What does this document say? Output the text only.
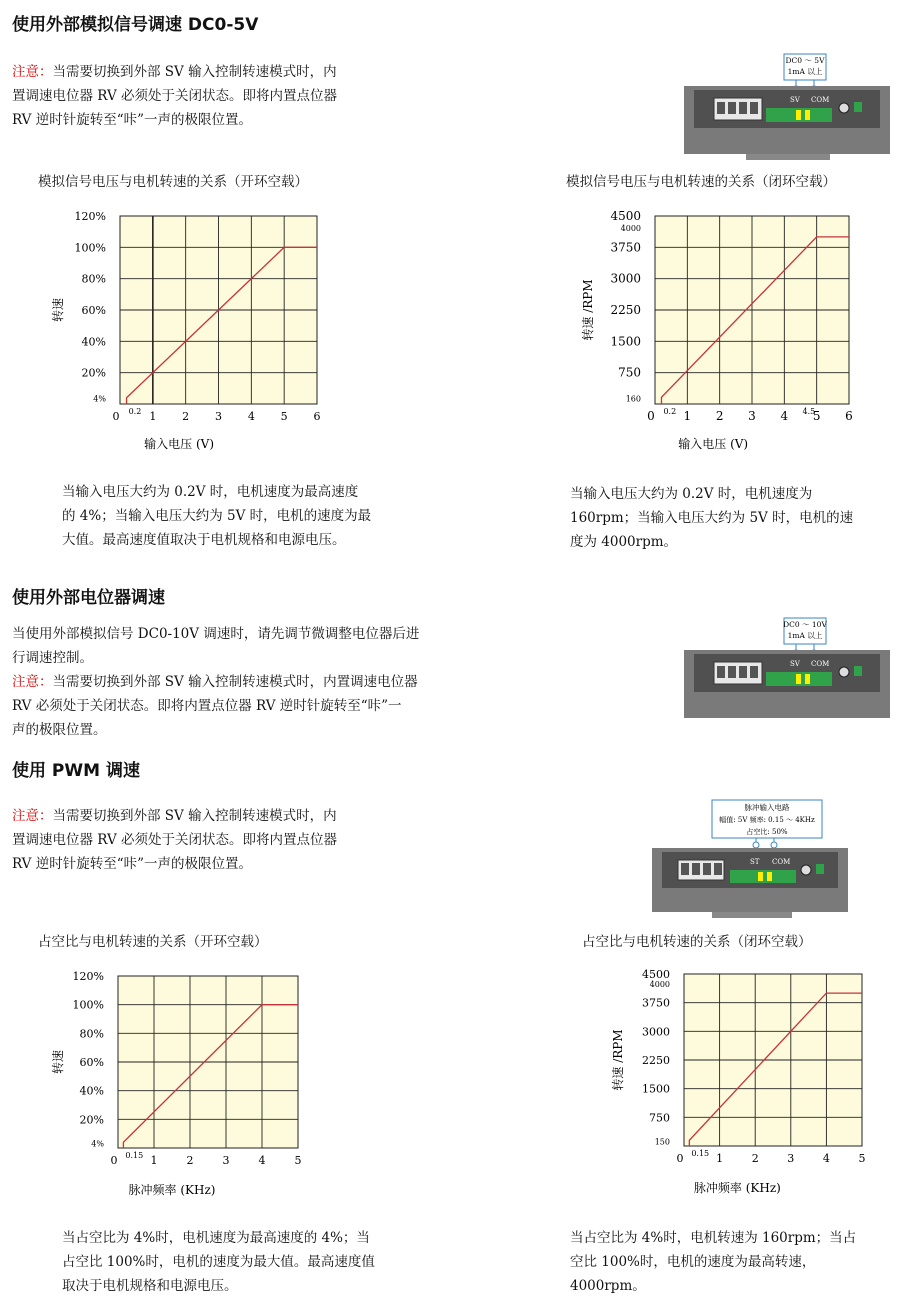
使用外部模拟信号调速 DC0-5V
注意：当需要切换到外部 SV 输入控制转速模式时，内
置调速电位器 RV 必须处于关闭状态。即将内置点位器
RV 逆时针旋转至“咔”一声的极限位置。
DC0 ～ 5V
1mA 以上
SV COM
模拟信号电压与电机转速的关系（开环空载）	模拟信号电压与电机转速的关系（闭环空载）
0	1 2 3 4 5 6
0.2
20%
40%
60%
80%
100%
120%
4%
输入电压 (V)
转速
0 1 2 3 4 5 6
0.2	4.5
750
1500
2250
3000
3750
4500
160
4000
输入电压 (V)
转速 /RPM
当输入电压大约为 0.2V 时，电机速度为最高速度
的 4%；当输入电压大约为 5V 时，电机的速度为最
大值。最高速度值取决于电机规格和电源电压。
当输入电压大约为 0.2V 时，电机速度为
160rpm；当输入电压大约为 5V 时，电机的速
度为 4000rpm。
使用外部电位器调速
当使用外部模拟信号 DC0-10V 调速时，请先调节微调整电位器后进
行调速控制。
注意：当需要切换到外部 SV 输入控制转速模式时，内置调速电位器
RV 必须处于关闭状态。即将内置点位器 RV 逆时针旋转至“咔”一
声的极限位置。
DC0 ～ 10V
1mA 以上
SV COM
使用 PWM 调速
注意：当需要切换到外部 SV 输入控制转速模式时，内
置调速电位器 RV 必须处于关闭状态。即将内置点位器
RV 逆时针旋转至“咔”一声的极限位置。
脉冲输入电路
幅值: 5V 频率: 0.15 ～ 4KHz
占空比: 50%
ST COM
占空比与电机转速的关系（开环空载）	占空比与电机转速的关系（闭环空载）
0	1	2	3	4	5
0.15
20%
40%
60%
80%
100%
120%
4%
脉冲频率 (KHz)
转速
0	1	2	3	4	5
0.15
750
1500
2250
3000
3750
4500
150
4000
脉冲频率 (KHz)
转速 /RPM
当占空比为 4%时，电机速度为最高速度的 4%；当
占空比 100%时，电机的速度为最大值。最高速度值
取决于电机规格和电源电压。
当占空比为 4%时，电机转速为 160rpm；当占
空比 100%时，电机的速度为最高转速，
4000rpm。
